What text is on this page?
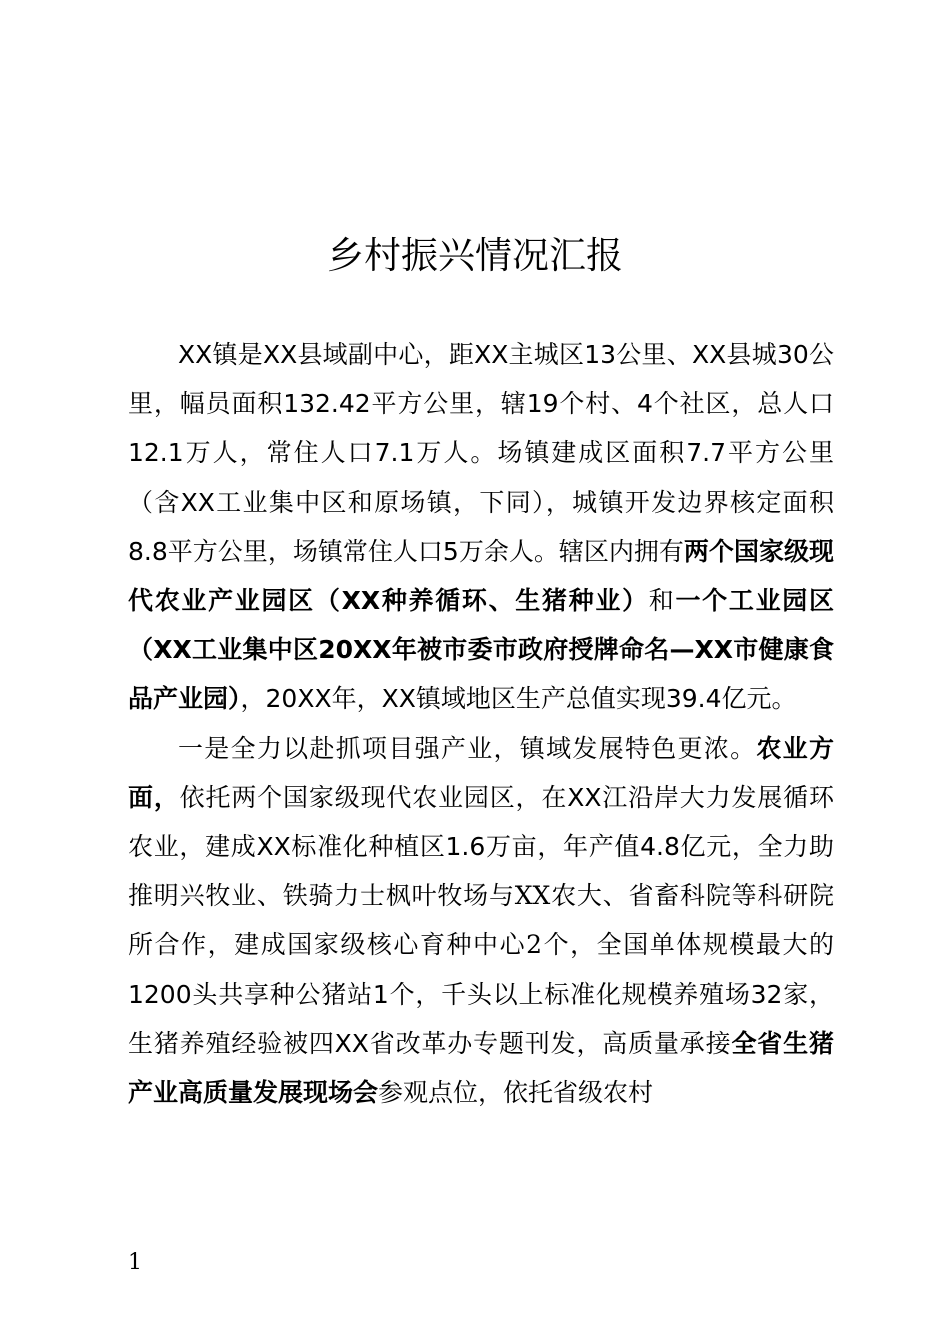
乡村振兴情况汇报

XX镇是XX县域副中心，距XX主城区13公里、XX县城30公里，幅员面积132.42平方公里，辖19个村、4个社区，总人口12.1万人，常住人口7.1万人。场镇建成区面积7.7平方公里（含XX工业集中区和原场镇，下同），城镇开发边界核定面积8.8平方公里，场镇常住人口5万余人。辖区内拥有两个国家级现代农业产业园区（XX种养循环、生猪种业）和一个工业园区（XX工业集中区20XX年被市委市政府授牌命名—XX市健康食品产业园），20XX年，XX镇域地区生产总值实现39.4亿元。

一是全力以赴抓项目强产业，镇域发展特色更浓。农业方面，依托两个国家级现代农业园区，在XX江沿岸大力发展循环农业，建成XX标准化种植区1.6万亩，年产值4.8亿元，全力助推明兴牧业、铁骑力士枫叶牧场与XX农大、省畜科院等科研院所合作，建成国家级核心育种中心2个，全国单体规模最大的1200头共享种公猪站1个，千头以上标准化规模养殖场32家，生猪养殖经验被四XX省改革办专题刊发，高质量承接全省生猪产业高质量发展现场会参观点位，依托省级农村

1
